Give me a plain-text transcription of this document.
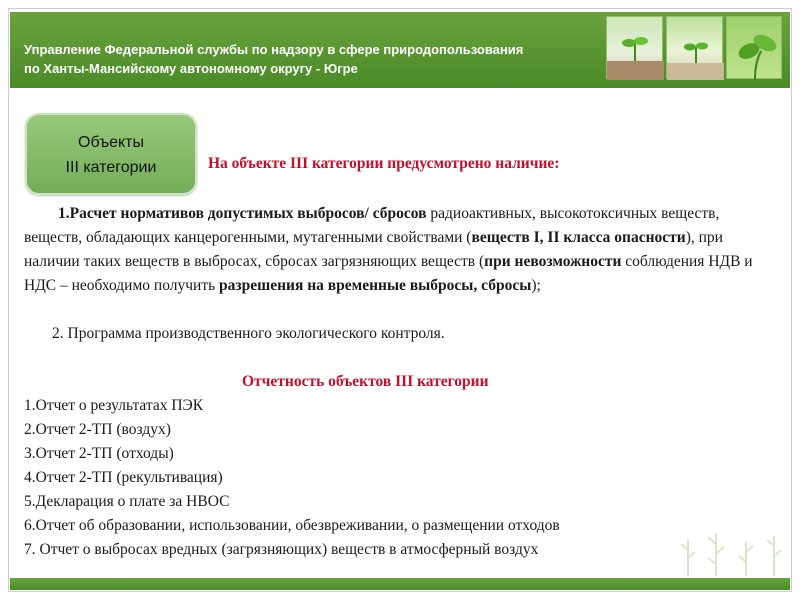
Управление Федеральной службы по надзору в сфере природопользования
по Ханты-Мансийскому автономному округу - Югре
Объекты
III категории	На объекте III категории предусмотрено наличие:

1.Расчет нормативов допустимых выбросов/ сбросов радиоактивных, высокотоксичных веществ, веществ, обладающих канцерогенными, мутагенными свойствами (веществ I, II класса опасности), при наличии таких веществ в выбросах, сбросах загрязняющих веществ (при невозможности соблюдения НДВ и НДС – необходимо получить разрешения на временные выбросы, сбросы);

2. Программа производственного экологического контроля.
Отчетность объектов III категории
1.Отчет о результатах ПЭК
2.Отчет 2-ТП (воздух)
3.Отчет 2-ТП (отходы)
4.Отчет 2-ТП (рекультивация)
5.Декларация о плате за НВОС
6.Отчет об образовании, использовании, обезвреживании, о размещении отходов
7. Отчет о выбросах вредных (загрязняющих) веществ в атмосферный воздух
